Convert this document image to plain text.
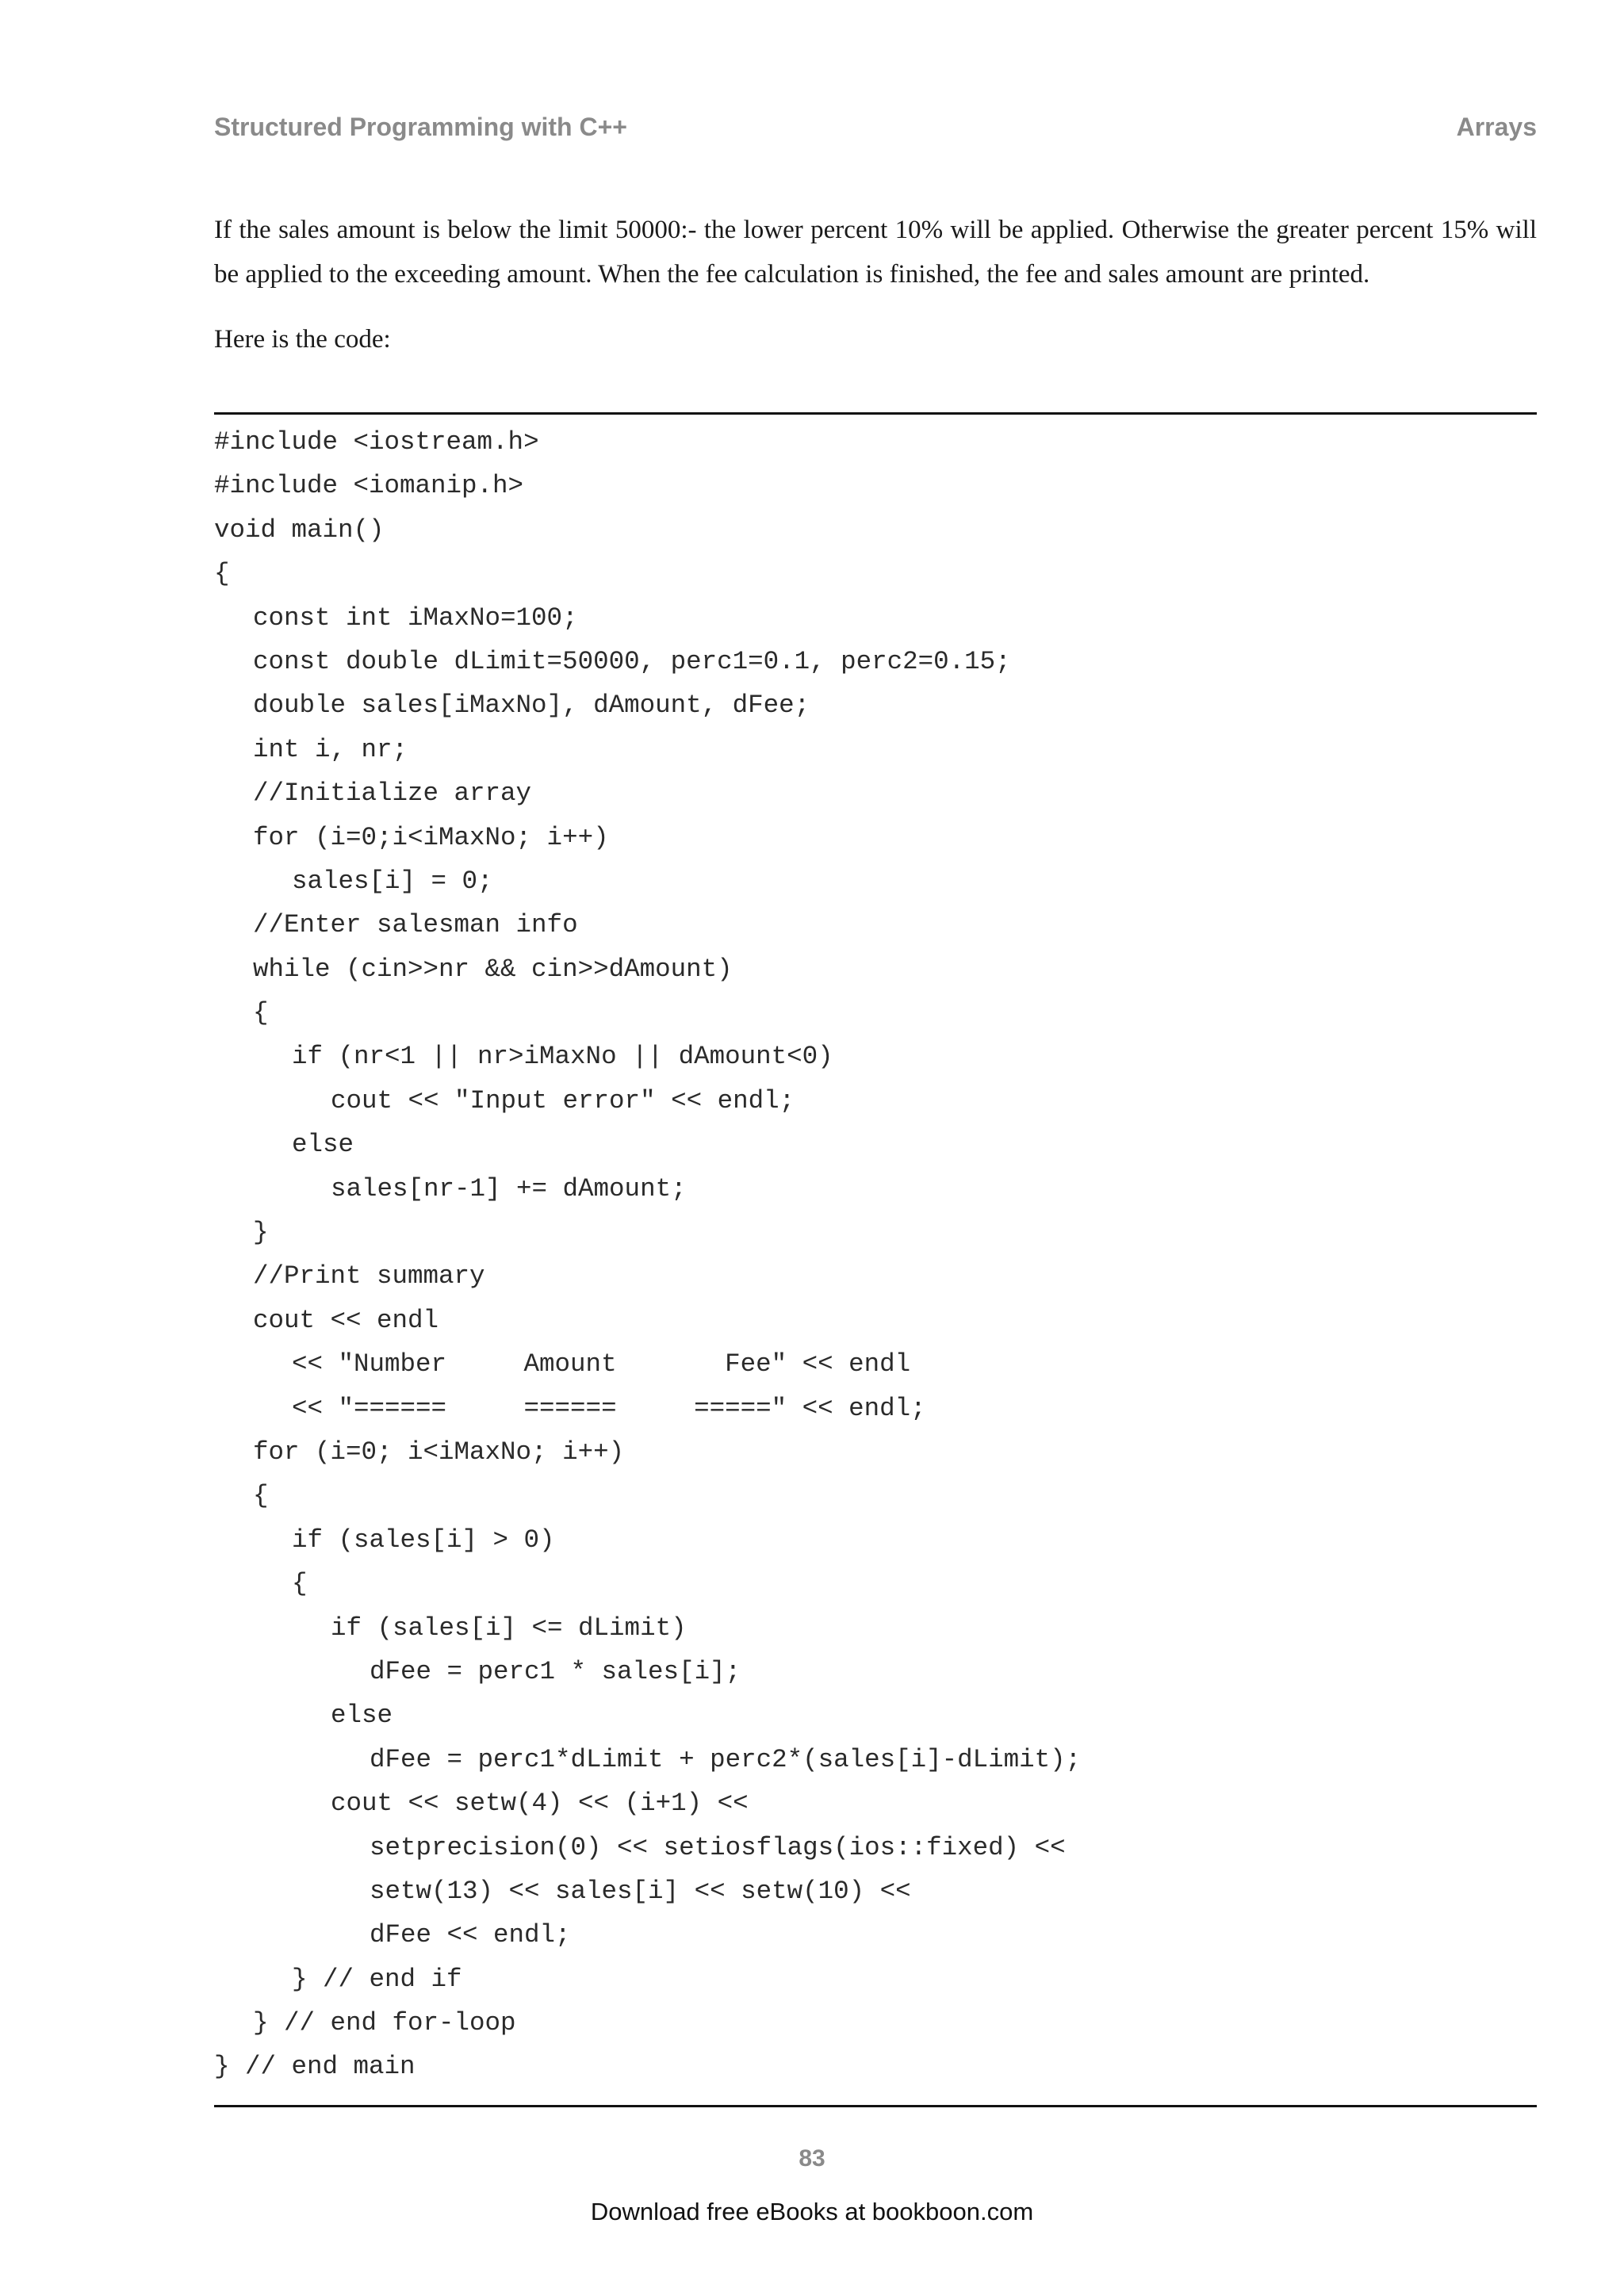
Structured Programming with C++	Arrays

If the sales amount is below the limit 50000:- the lower percent 10% will be applied. Otherwise the greater percent 15% will be applied to the exceeding amount. When the fee calculation is finished, the fee and sales amount are printed.

Here is the code:

#include <iostream.h>
#include <iomanip.h>
void main()
{
const int iMaxNo=100;
const double dLimit=50000, perc1=0.1, perc2=0.15;
double sales[iMaxNo], dAmount, dFee;
int i, nr;
//Initialize array
for (i=0;i<iMaxNo; i++)
sales[i] = 0;
//Enter salesman info
while (cin>>nr && cin>>dAmount)
{
if (nr<1 || nr>iMaxNo || dAmount<0)
cout << "Input error" << endl;
else
sales[nr-1] += dAmount;
}
//Print summary
cout << endl
<< "Number     Amount       Fee" << endl
<< "======     ======     =====" << endl;
for (i=0; i<iMaxNo; i++)
{
if (sales[i] > 0)
{
if (sales[i] <= dLimit)
dFee = perc1 * sales[i];
else
dFee = perc1*dLimit + perc2*(sales[i]-dLimit);
cout << setw(4) << (i+1) <<
setprecision(0) << setiosflags(ios::fixed) <<
setw(13) << sales[i] << setw(10) <<
dFee << endl;
} // end if
} // end for-loop
} // end main
83
Download free eBooks at bookboon.com
